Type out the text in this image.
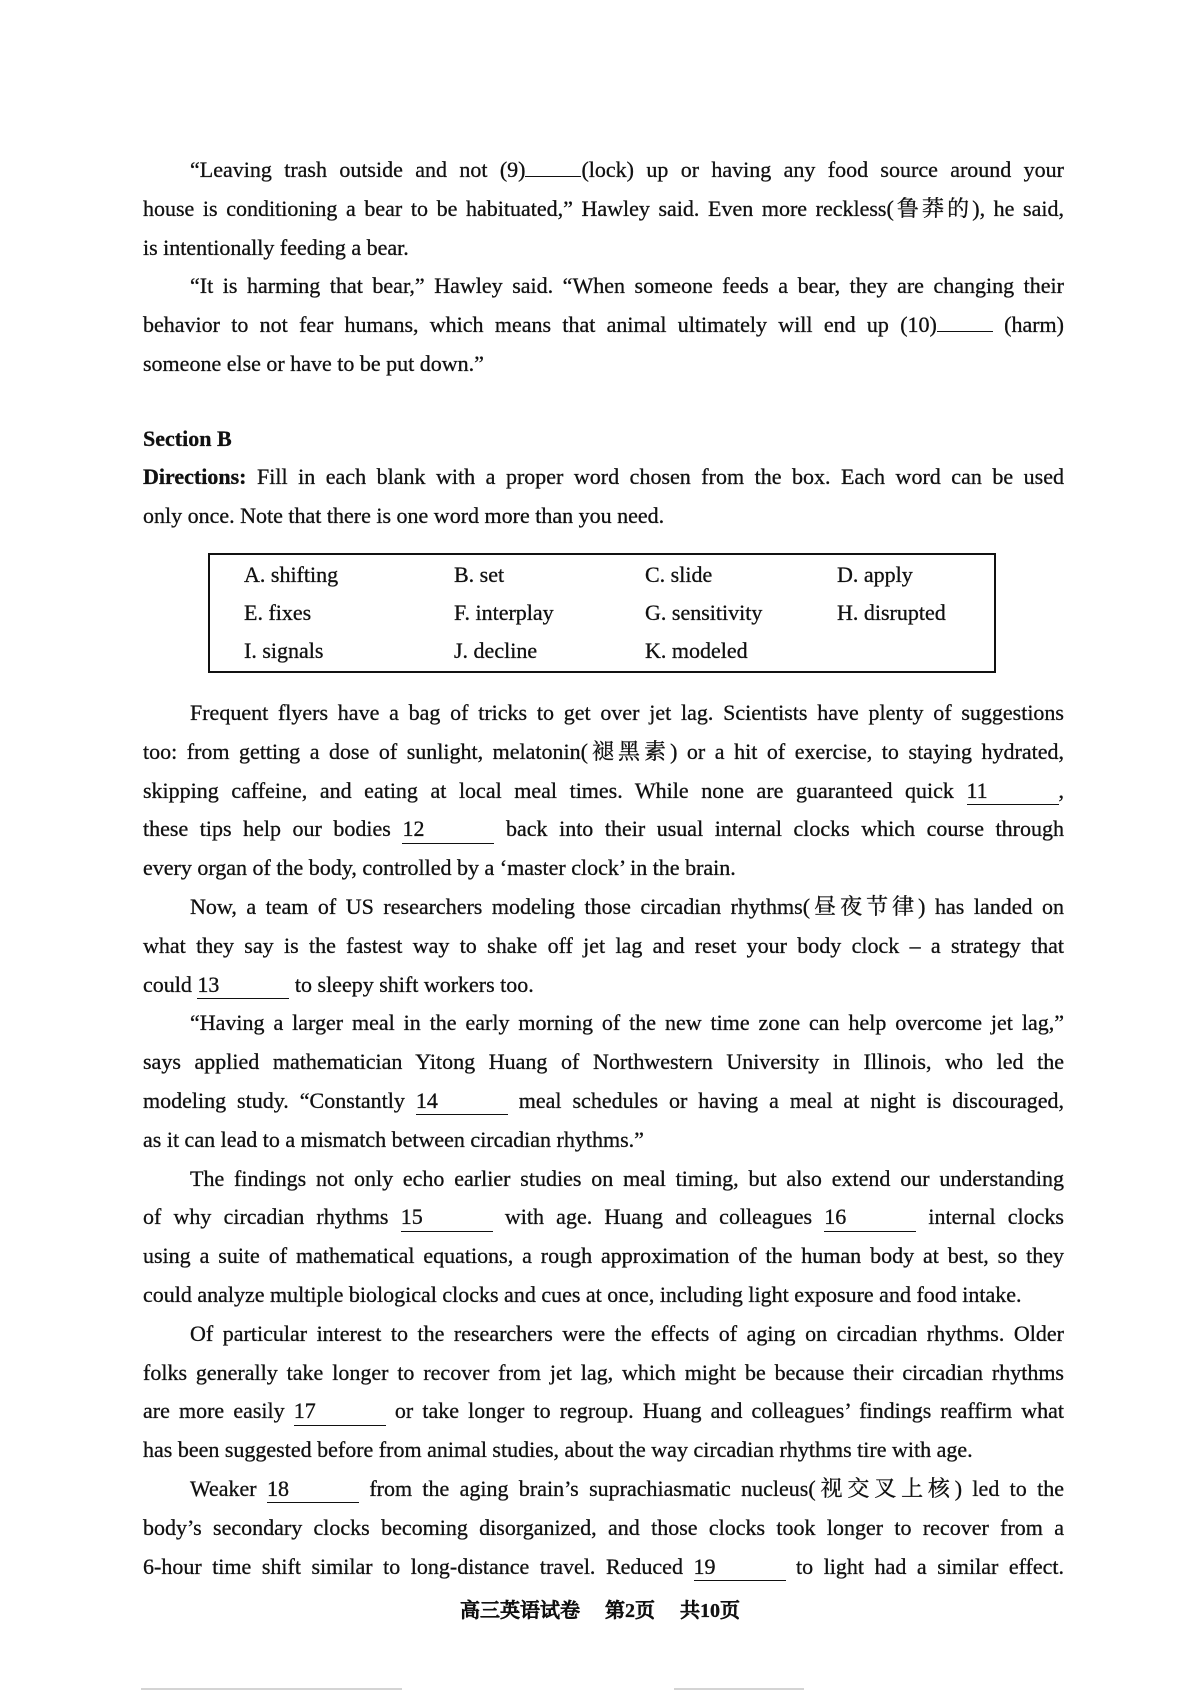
“Leaving trash outside and not (9)	(lock) up or having any food source around your
house is conditioning a bear to be habituated,” Hawley said. Even more reckless(鲁莽的), he said,
is intentionally feeding a bear.
“It is harming that bear,” Hawley said. “When someone feeds a bear, they are changing their
behavior to not fear humans, which means that animal ultimately will end up (10)	(harm)
someone else or have to be put down.”
Section B
Directions: Fill in each blank with a proper word chosen from the box. Each word can be used
only once. Note that there is one word more than you need.
A. shifting	B. set	C. slide	D. apply
E. fixes	F. interplay	G. sensitivity	H. disrupted
I. signals	J. decline	K. modeled
Frequent flyers have a bag of tricks to get over jet lag. Scientists have plenty of suggestions
too: from getting a dose of sunlight, melatonin(褪黑素) or a hit of exercise, to staying hydrated,
skipping caffeine, and eating at local meal times. While none are guaranteed quick 11	,
these tips help our bodies 12	back into their usual internal clocks which course through
every organ of the body, controlled by a ‘master clock’ in the brain.
Now, a team of US researchers modeling those circadian rhythms(昼夜节律) has landed on
what they say is the fastest way to shake off jet lag and reset your body clock – a strategy that
could 13	to sleepy shift workers too.
“Having a larger meal in the early morning of the new time zone can help overcome jet lag,”
says applied mathematician Yitong Huang of Northwestern University in Illinois, who led the
modeling study. “Constantly 14	meal schedules or having a meal at night is discouraged,
as it can lead to a mismatch between circadian rhythms.”
The findings not only echo earlier studies on meal timing, but also extend our understanding
of why circadian rhythms 15	with age. Huang and colleagues 16	internal clocks
using a suite of mathematical equations, a rough approximation of the human body at best, so they
could analyze multiple biological clocks and cues at once, including light exposure and food intake.
Of particular interest to the researchers were the effects of aging on circadian rhythms. Older
folks generally take longer to recover from jet lag, which might be because their circadian rhythms
are more easily 17	or take longer to regroup. Huang and colleagues’ findings reaffirm what
has been suggested before from animal studies, about the way circadian rhythms tire with age.
Weaker 18	from the aging brain’s suprachiasmatic nucleus(视交叉上核) led to the
body’s secondary clocks becoming disorganized, and those clocks took longer to recover from a
6-hour time shift similar to long-distance travel. Reduced 19	to light had a similar effect.
高三英语试卷 第2页 共10页
